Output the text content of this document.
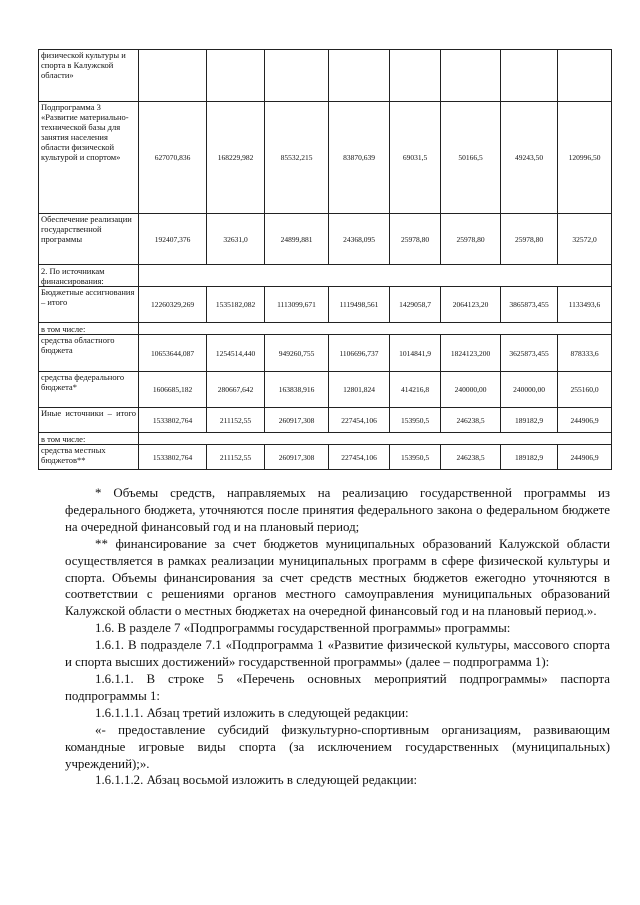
физической культуры и спорта в Калужской области»								
Подпрограмма 3 «Развитие материально-технической базы для занятия населения области физической культурой и спортом»	627070,836	168229,982	85532,215	83870,639	69031,5	50166,5	49243,50	120996,50
Обеспечение реализации государственной программы	192407,376	32631,0	24899,881	24368,095	25978,80	25978,80	25978,80	32572,0
2. По источникам финансирования:								
Бюджетные ассигнования – итого	12260329,269	1535182,082	1113099,671	1119498,561	1429058,7	2064123,20	3865873,455	1133493,6
в том числе:								
средства областного бюджета	10653644,087	1254514,440	949260,755	1106696,737	1014841,9	1824123,200	3625873,455	878333,6
средства федерального бюджета*	1606685,182	280667,642	163838,916	12801,824	414216,8	240000,00	240000,00	255160,0
Иные источники – итого	1533802,764	211152,55	260917,308	227454,106	153950,5	246238,5	189182,9	244906,9
в том числе:								
средства местных бюджетов**	1533802,764	211152,55	260917,308	227454,106	153950,5	246238,5	189182,9	244906,9

* Объемы средств, направляемых на реализацию государственной программы из федерального бюджета, уточняются после принятия федерального закона о федеральном бюджете на очередной финансовый год и на плановый период;

** финансирование за счет бюджетов муниципальных образований Калужской области осуществляется в рамках реализации муниципальных программ в сфере физической культуры и спорта. Объемы финансирования за счет средств местных бюджетов ежегодно уточняются в соответствии с решениями органов местного самоуправления муниципальных образований Калужской области о местных бюджетах на очередной финансовый год и на плановый период.».

1.6. В разделе 7 «Подпрограммы государственной программы» программы:

1.6.1. В подразделе 7.1 «Подпрограмма 1 «Развитие физической культуры, массового спорта и спорта высших достижений» государственной программы» (далее – подпрограмма 1):

1.6.1.1. В строке 5 «Перечень основных мероприятий подпрограммы» паспорта подпрограммы 1:

1.6.1.1.1. Абзац третий изложить в следующей редакции:

«- предоставление субсидий физкультурно-спортивным организациям, развивающим командные игровые виды спорта (за исключением государственных (муниципальных) учреждений);».

1.6.1.1.2. Абзац восьмой изложить в следующей редакции:
